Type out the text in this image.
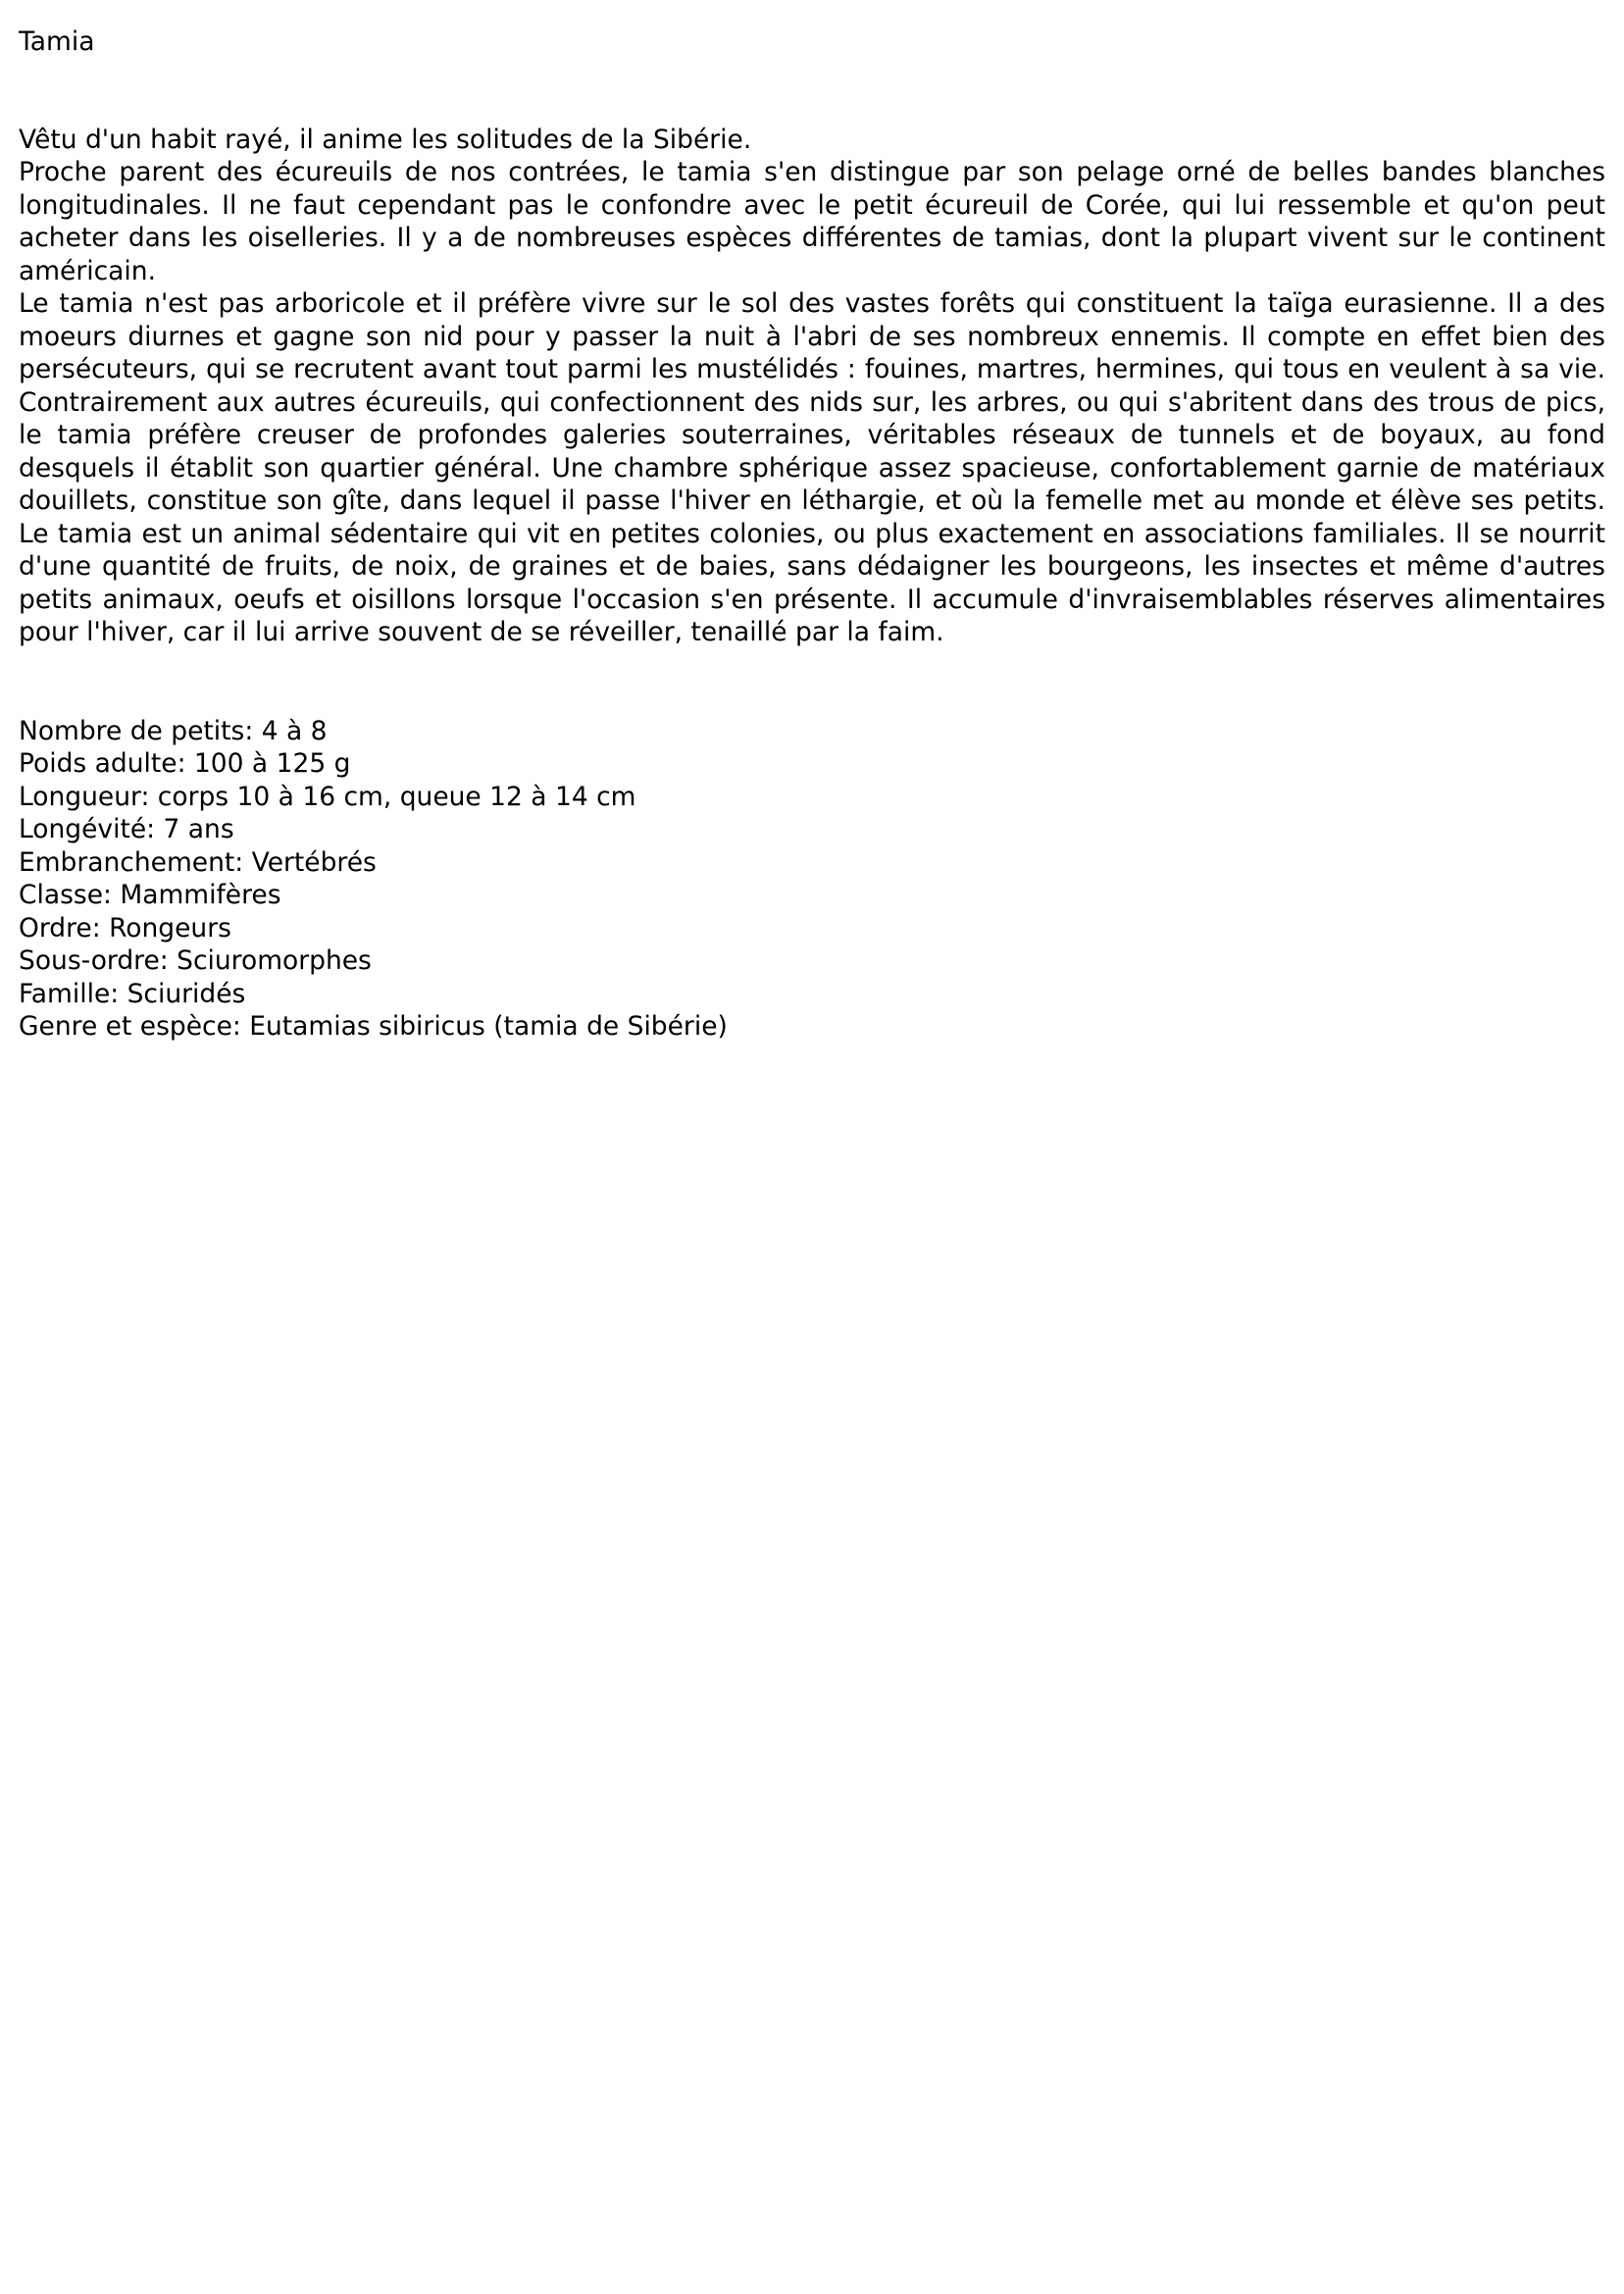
Tamia

Vêtu d'un habit rayé, il anime les solitudes de la Sibérie.

Proche parent des écureuils de nos contrées, le tamia s'en distingue par son pelage orné de belles bandes blanches longitudinales. Il ne faut cependant pas le confondre avec le petit écureuil de Corée, qui lui ressemble et qu'on peut acheter dans les oiselleries. Il y a de nombreuses espèces différentes de tamias, dont la plupart vivent sur le continent américain.

Le tamia n'est pas arboricole et il préfère vivre sur le sol des vastes forêts qui constituent la taïga eurasienne. Il a des moeurs diurnes et gagne son nid pour y passer la nuit à l'abri de ses nombreux ennemis. Il compte en effet bien des persécuteurs, qui se recrutent avant tout parmi les mustélidés : fouines, martres, hermines, qui tous en veulent à sa vie. Contrairement aux autres écureuils, qui confectionnent des nids sur, les arbres, ou qui s'abritent dans des trous de pics, le tamia préfère creuser de profondes galeries souterraines, véritables réseaux de tunnels et de boyaux, au fond desquels il établit son quartier général. Une chambre sphérique assez spacieuse, confortablement garnie de matériaux douillets, constitue son gîte, dans lequel il passe l'hiver en léthargie, et où la femelle met au monde et élève ses petits. Le tamia est un animal sédentaire qui vit en petites colonies, ou plus exactement en associations familiales. Il se nourrit d'une quantité de fruits, de noix, de graines et de baies, sans dédaigner les bourgeons, les insectes et même d'autres petits animaux, oeufs et oisillons lorsque l'occasion s'en présente. Il accumule d'invraisemblables réserves alimentaires pour l'hiver, car il lui arrive souvent de se réveiller, tenaillé par la faim.

Nombre de petits: 4 à 8
Poids adulte: 100 à 125 g
Longueur: corps 10 à 16 cm, queue 12 à 14 cm
Longévité: 7 ans
Embranchement: Vertébrés
Classe: Mammifères
Ordre: Rongeurs
Sous-ordre: Sciuromorphes
Famille: Sciuridés
Genre et espèce: Eutamias sibiricus (tamia de Sibérie)
